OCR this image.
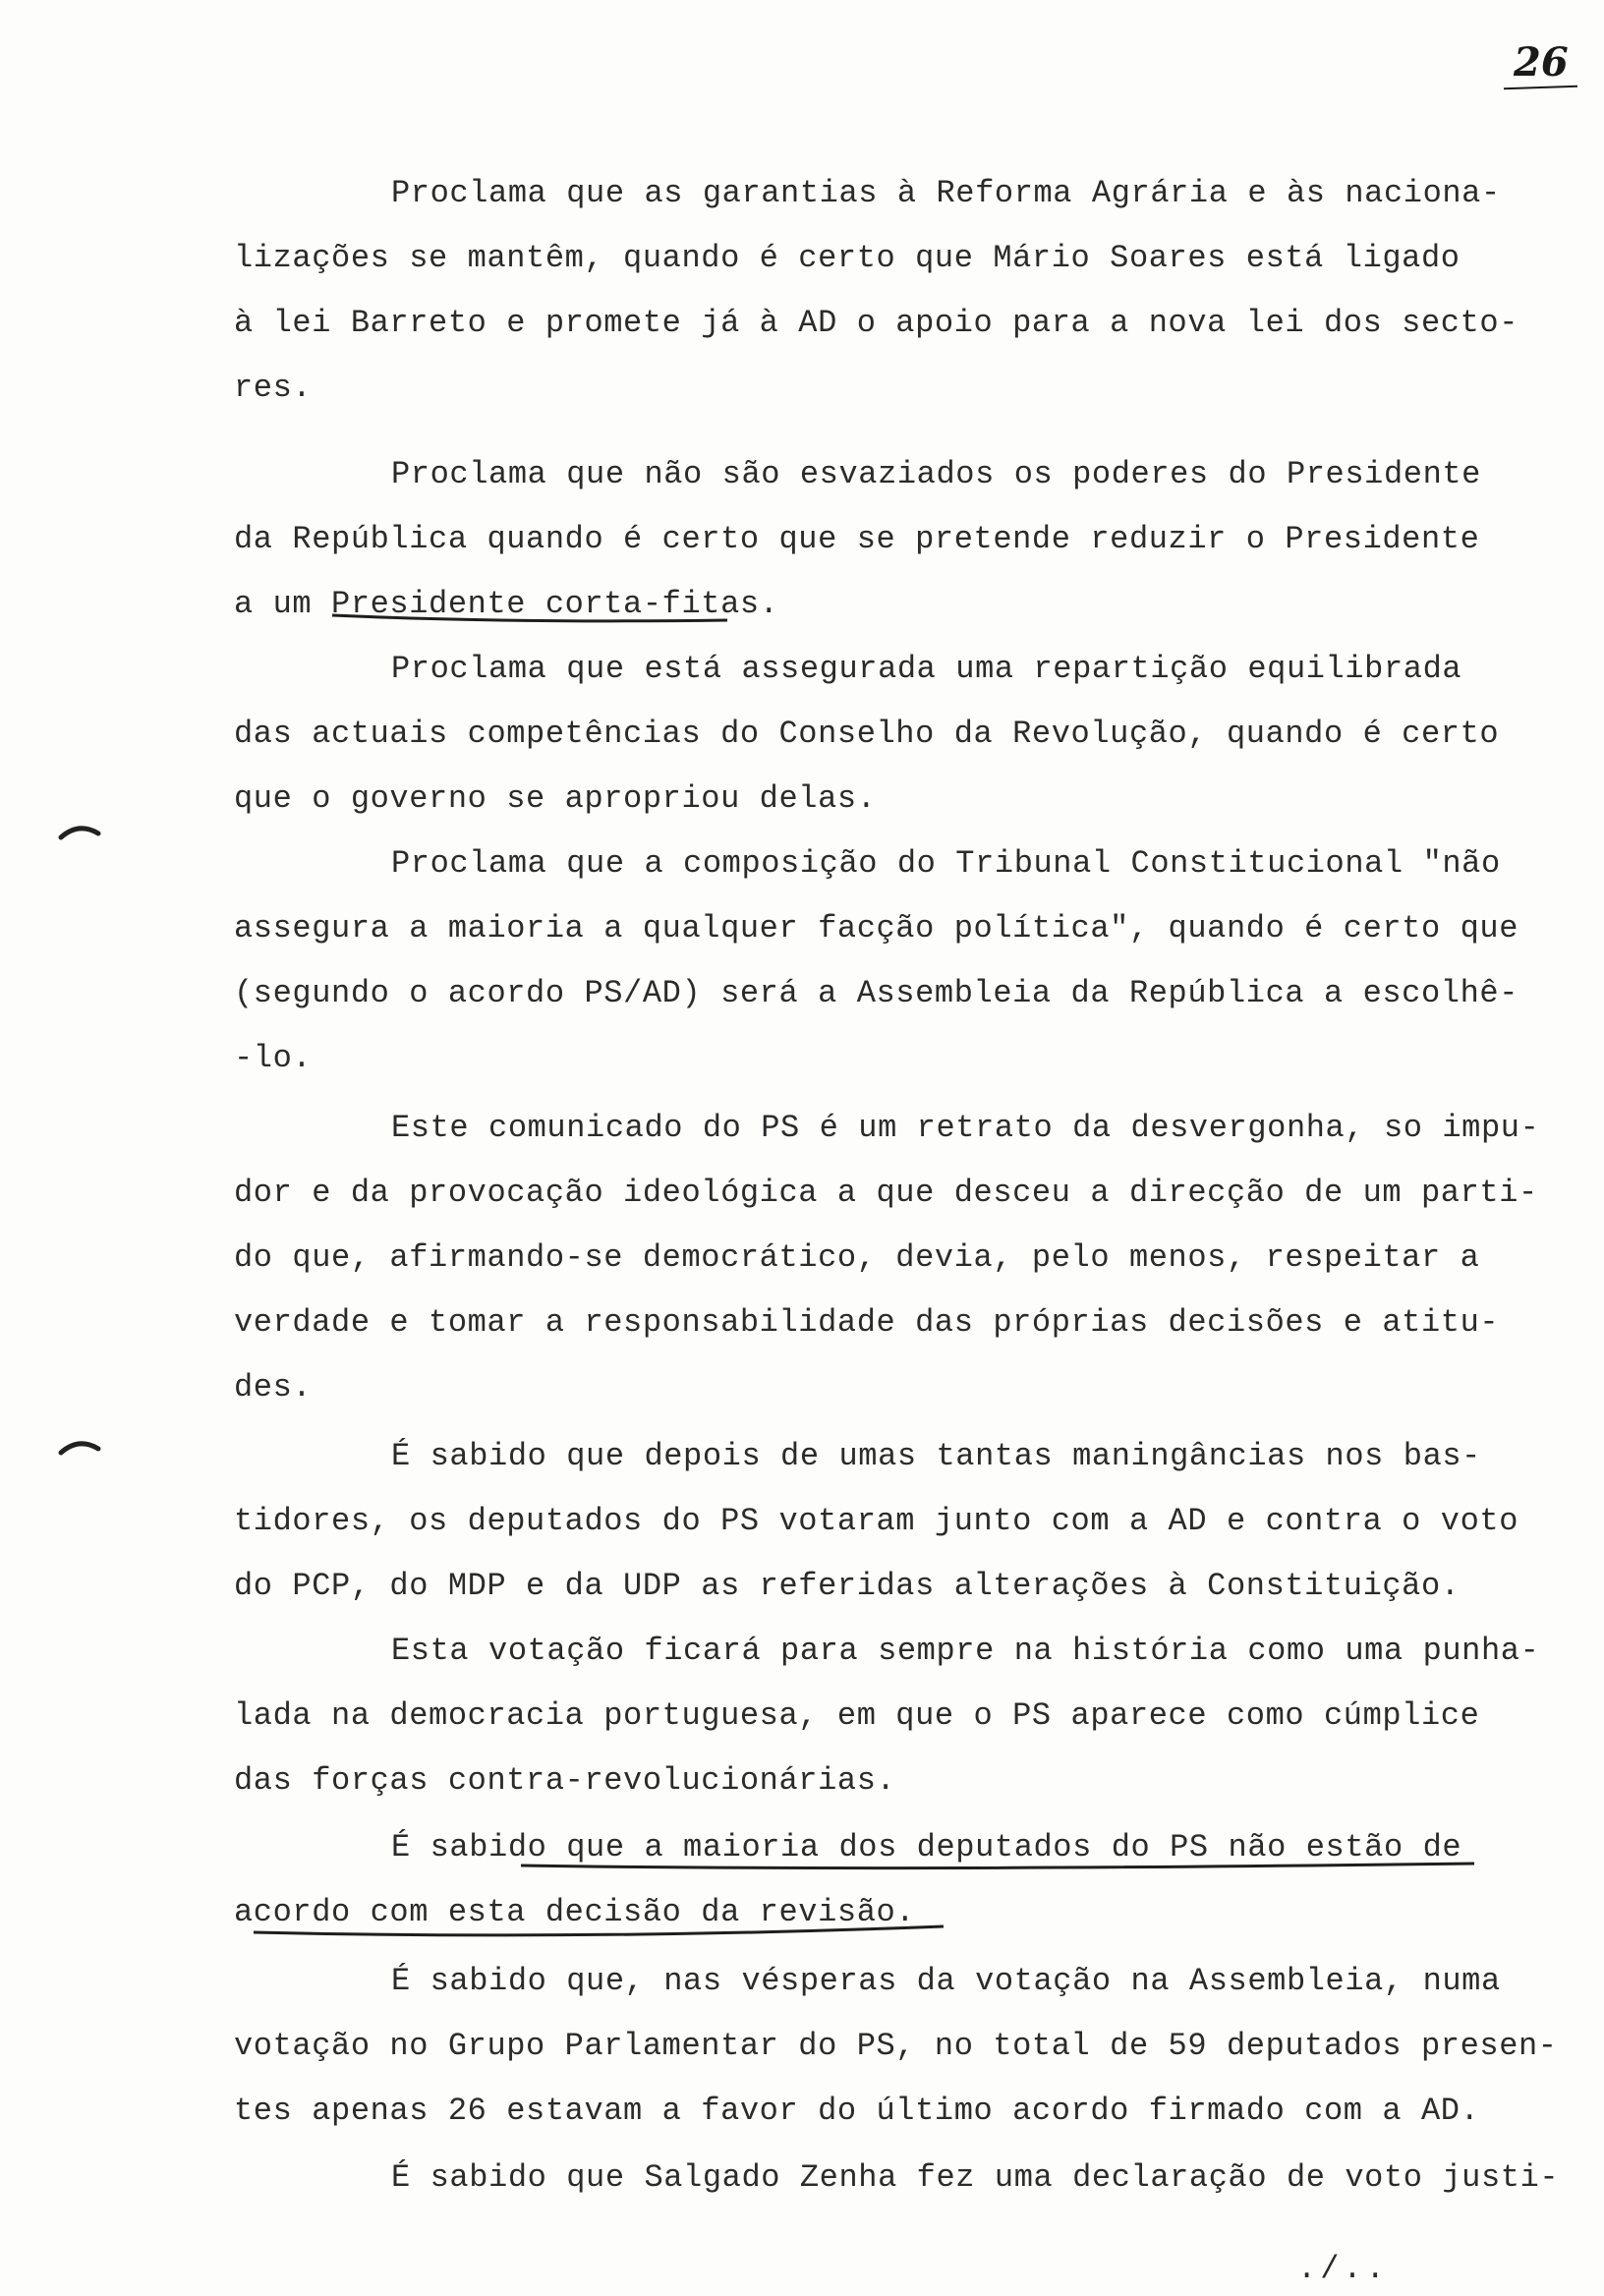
26
Proclama que as garantias à Reforma Agrária e às naciona-
lizações se mantêm, quando é certo que Mário Soares está ligado
à lei Barreto e promete já à AD o apoio para a nova lei dos secto-
res.
Proclama que não são esvaziados os poderes do Presidente
da República quando é certo que se pretende reduzir o Presidente
a um Presidente corta-fitas.
Proclama que está assegurada uma repartição equilibrada
das actuais competências do Conselho da Revolução, quando é certo
que o governo se apropriou delas.
Proclama que a composição do Tribunal Constitucional "não
assegura a maioria a qualquer facção política", quando é certo que
(segundo o acordo PS/AD) será a Assembleia da República a escolhê-
-lo.
Este comunicado do PS é um retrato da desvergonha, so impu-
dor e da provocação ideológica a que desceu a direcção de um parti-
do que, afirmando-se democrático, devia, pelo menos, respeitar a
verdade e tomar a responsabilidade das próprias decisões e atitu-
des.
É sabido que depois de umas tantas maningâncias nos bas-
tidores, os deputados do PS votaram junto com a AD e contra o voto
do PCP, do MDP e da UDP as referidas alterações à Constituição.
Esta votação ficará para sempre na história como uma punha-
lada na democracia portuguesa, em que o PS aparece como cúmplice
das forças contra-revolucionárias.
É sabido que a maioria dos deputados do PS não estão de
acordo com esta decisão da revisão.
É sabido que, nas vésperas da votação na Assembleia, numa
votação no Grupo Parlamentar do PS, no total de 59 deputados presen-
tes apenas 26 estavam a favor do último acordo firmado com a AD.
É sabido que Salgado Zenha fez uma declaração de voto justi-
./..
